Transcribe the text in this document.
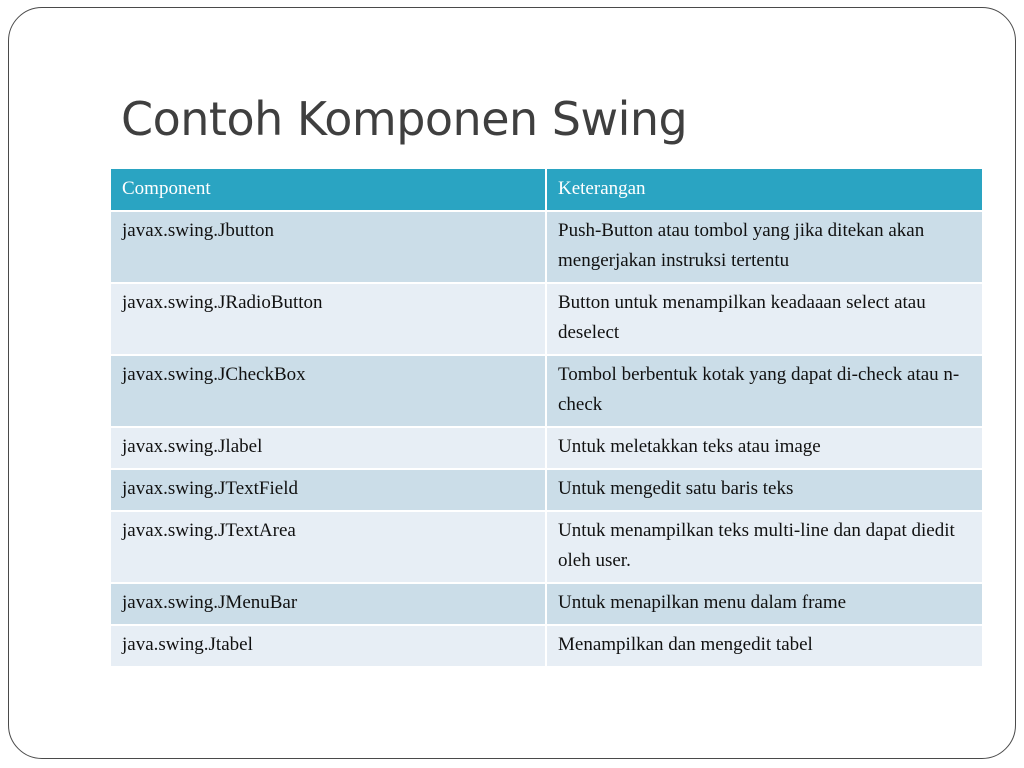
Contoh Komponen Swing
Component	Keterangan
javax.swing.Jbutton	Push-Button atau tombol yang jika ditekan akan mengerjakan instruksi tertentu
javax.swing.JRadioButton	Button untuk menampilkan keadaaan select atau deselect
javax.swing.JCheckBox	Tombol berbentuk kotak yang dapat di-check atau n-check
javax.swing.Jlabel	Untuk meletakkan teks atau image
javax.swing.JTextField	Untuk mengedit satu baris teks
javax.swing.JTextArea	Untuk menampilkan teks multi-line dan dapat diedit oleh user.
javax.swing.JMenuBar	Untuk menapilkan menu dalam frame
java.swing.Jtabel	Menampilkan dan mengedit tabel
